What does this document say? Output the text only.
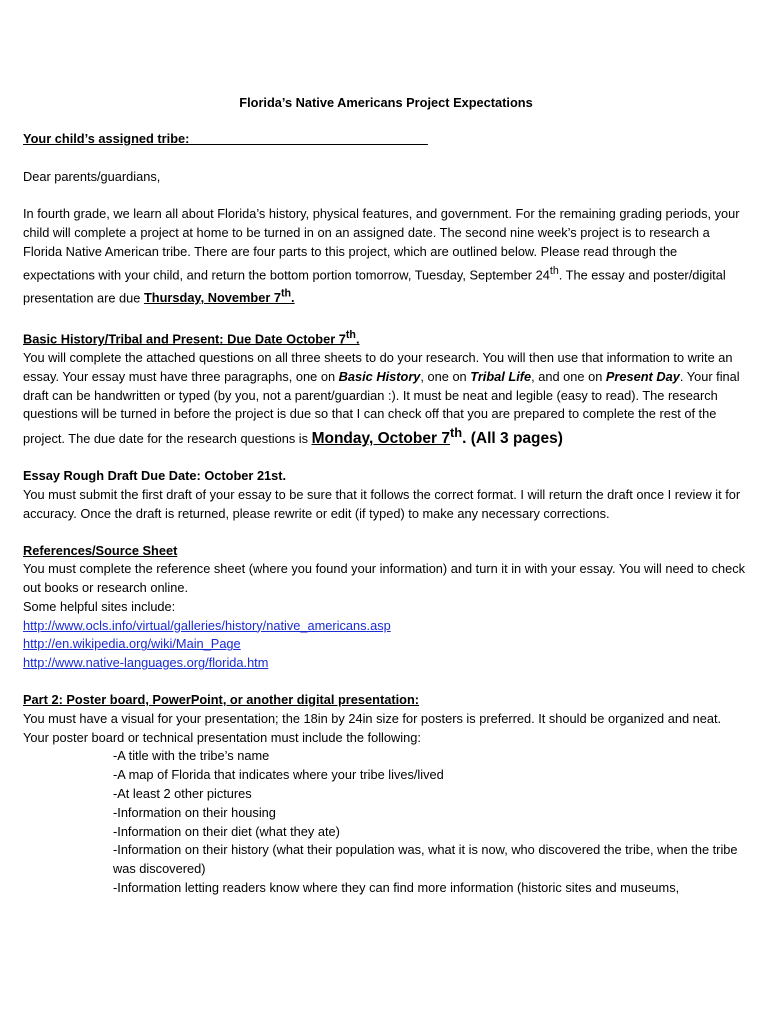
Florida’s Native Americans Project Expectations
Your child’s assigned tribe: _________________________________
Dear parents/guardians,

In fourth grade, we learn all about Florida’s history, physical features, and government. For the remaining grading periods, your child will complete a project at home to be turned in on an assigned date. The second nine week’s project is to research a Florida Native American tribe. There are four parts to this project, which are outlined below. Please read through the expectations with your child, and return the bottom portion tomorrow, Tuesday, September 24th. The essay and poster/digital presentation are due Thursday, November 7th.

Basic History/Tribal and Present: Due Date October 7th.

You will complete the attached questions on all three sheets to do your research. You will then use that information to write an essay. Your essay must have three paragraphs, one on Basic History, one on Tribal Life, and one on Present Day. Your final draft can be handwritten or typed (by you, not a parent/guardian :). It must be neat and legible (easy to read). The research questions will be turned in before the project is due so that I can check off that you are prepared to complete the rest of the project. The due date for the research questions is Monday, October 7th. (All 3 pages)

Essay Rough Draft Due Date: October 21st.

You must submit the first draft of your essay to be sure that it follows the correct format. I will return the draft once I review it for accuracy. Once the draft is returned, please rewrite or edit (if typed) to make any necessary corrections.

References/Source Sheet

You must complete the reference sheet (where you found your information) and turn it in with your essay. You will need to check out books or research online.

Some helpful sites include:

http://www.ocls.info/virtual/galleries/history/native_americans.asp
http://en.wikipedia.org/wiki/Main_Page
http://www.native-languages.org/florida.htm
Part 2: Poster board, PowerPoint, or another digital presentation:

You must have a visual for your presentation; the 18in by 24in size for posters is preferred. It should be organized and neat. Your poster board or technical presentation must include the following:

-A title with the tribe’s name
-A map of Florida that indicates where your tribe lives/lived
-At least 2 other pictures
-Information on their housing
-Information on their diet (what they ate)
-Information on their history (what their population was, what it is now, who discovered the tribe, when the tribe was discovered)
-Information letting readers know where they can find more information (historic sites and museums,
